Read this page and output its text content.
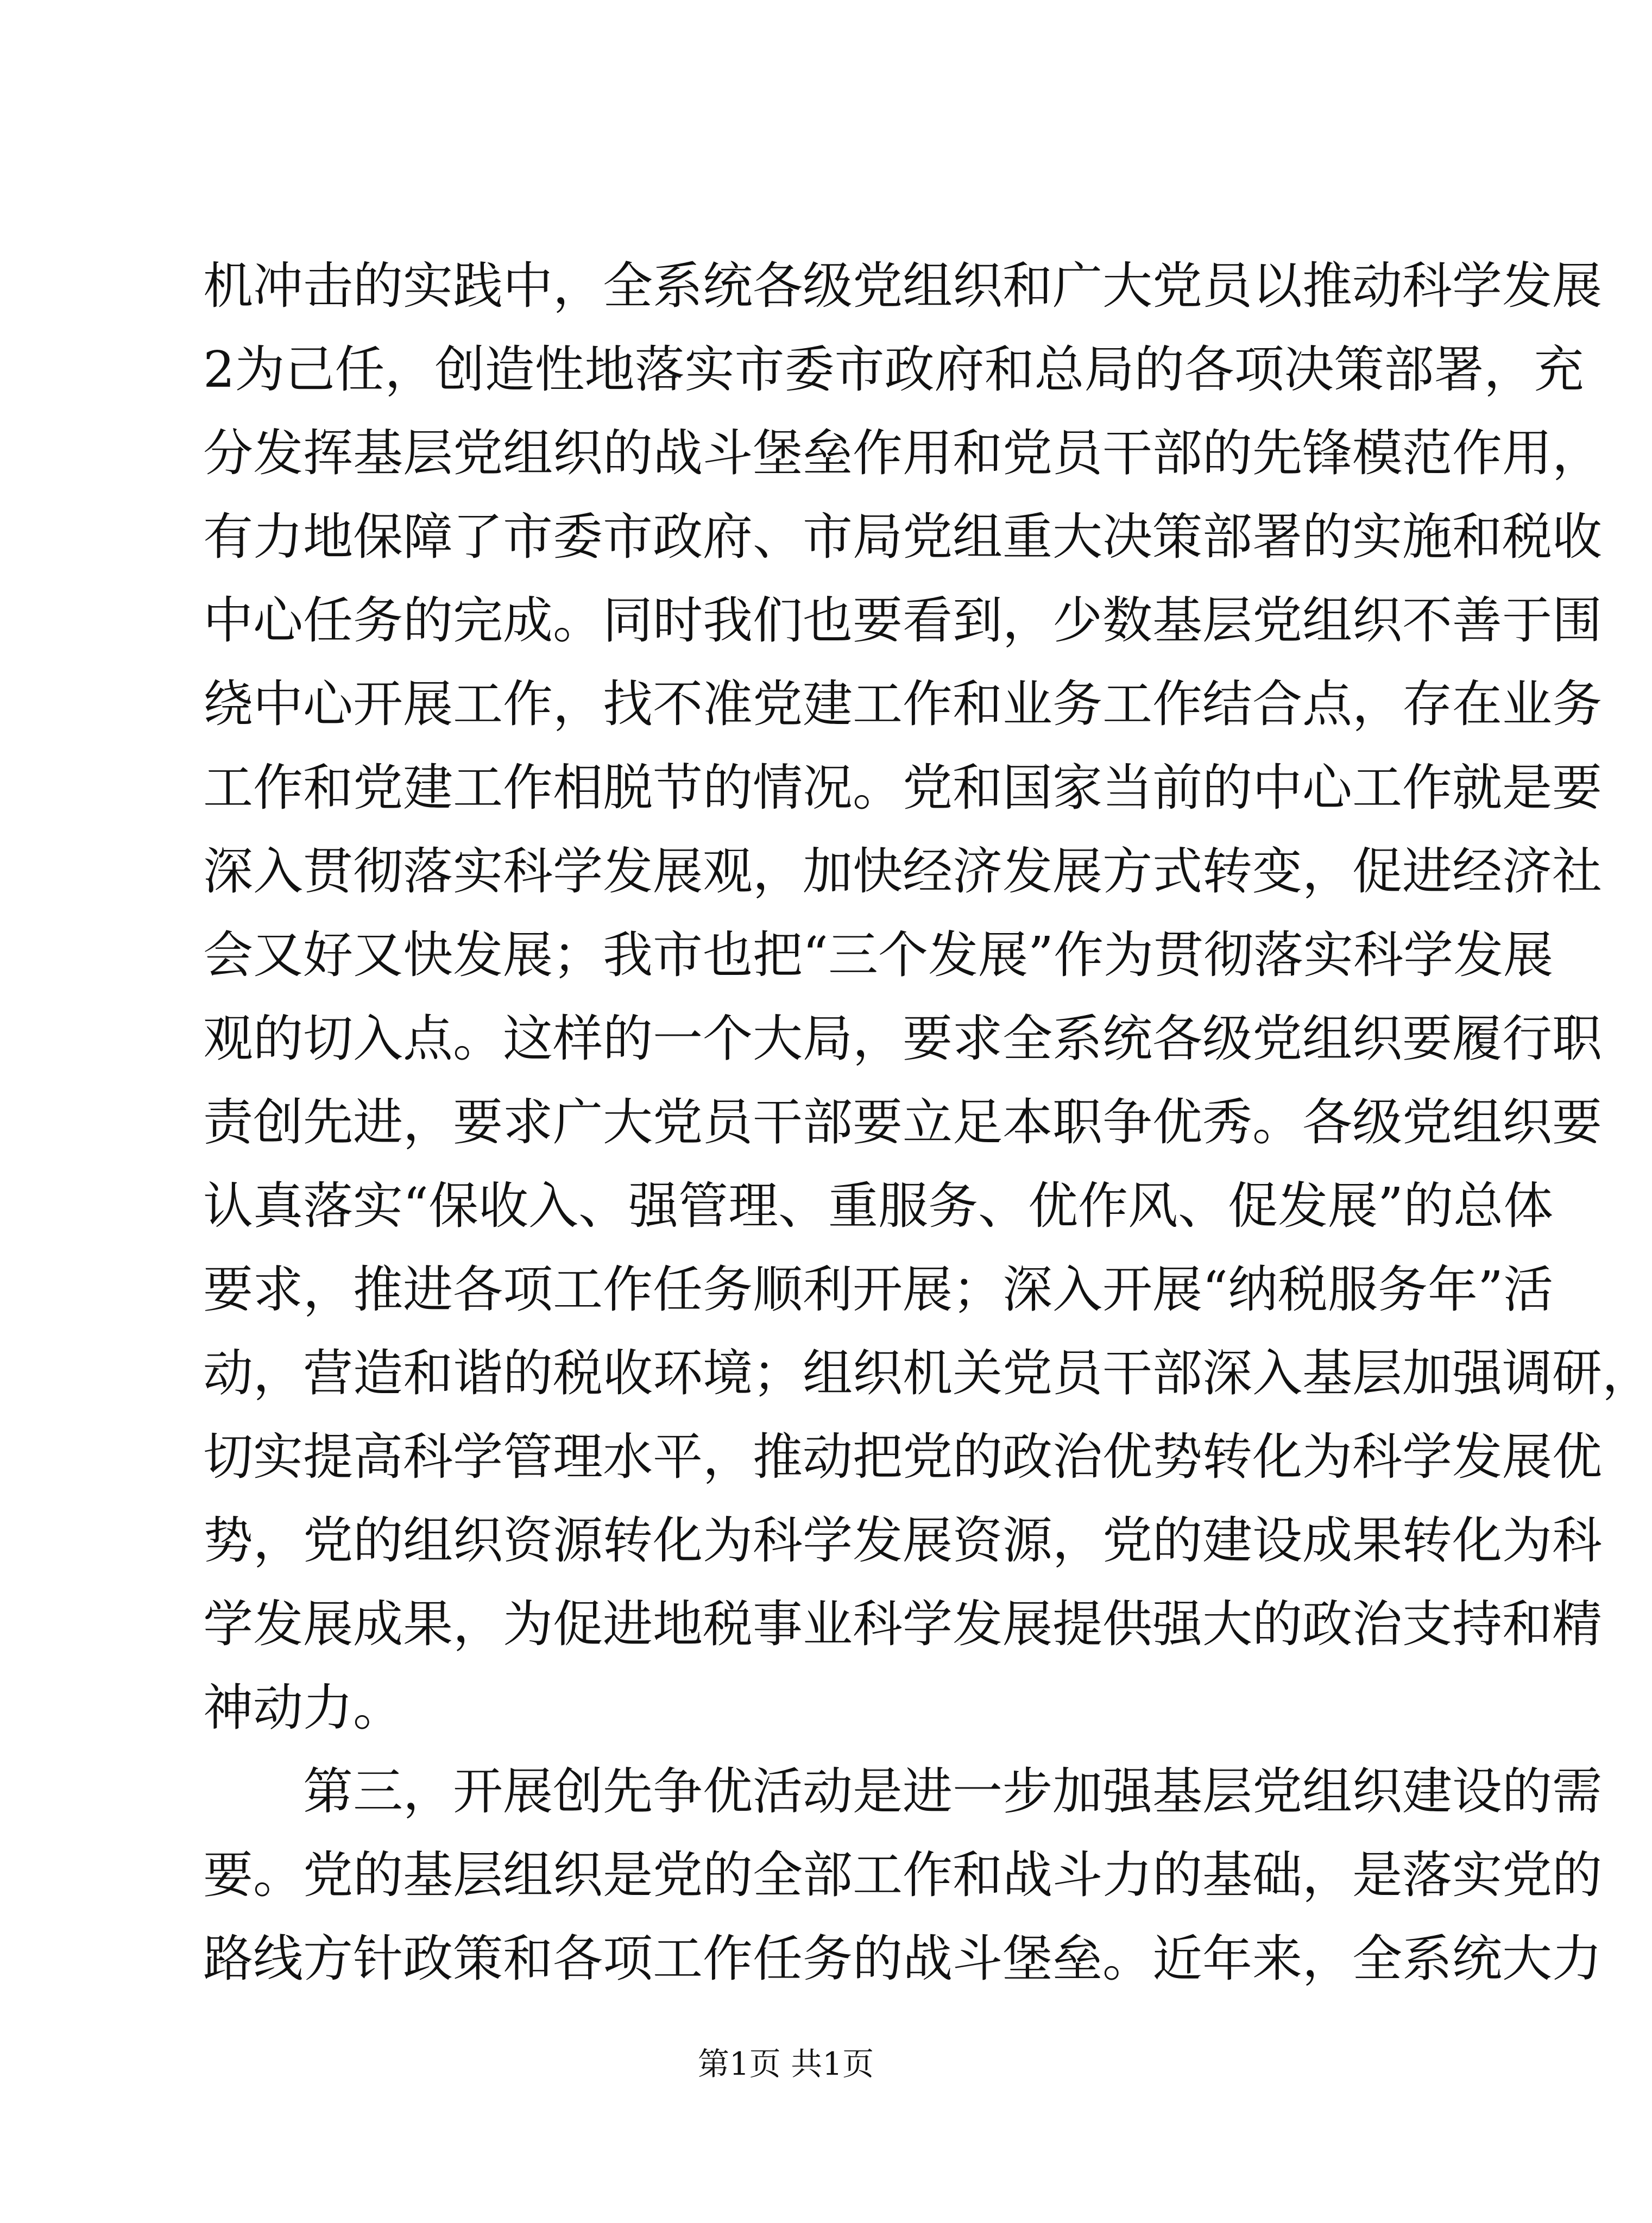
机冲击的实践中，全系统各级党组织和广大党员以推动科学发展
2为己任，创造性地落实市委市政府和总局的各项决策部署，充
分发挥基层党组织的战斗堡垒作用和党员干部的先锋模范作用，
有力地保障了市委市政府、市局党组重大决策部署的实施和税收
中心任务的完成。同时我们也要看到，少数基层党组织不善于围
绕中心开展工作，找不准党建工作和业务工作结合点，存在业务
工作和党建工作相脱节的情况。党和国家当前的中心工作就是要
深入贯彻落实科学发展观，加快经济发展方式转变，促进经济社
会又好又快发展；我市也把“三个发展”作为贯彻落实科学发展
观的切入点。这样的一个大局，要求全系统各级党组织要履行职
责创先进，要求广大党员干部要立足本职争优秀。各级党组织要
认真落实“保收入、强管理、重服务、优作风、促发展”的总体
要求，推进各项工作任务顺利开展；深入开展“纳税服务年”活
动，营造和谐的税收环境；组织机关党员干部深入基层加强调研，
切实提高科学管理水平，推动把党的政治优势转化为科学发展优
势，党的组织资源转化为科学发展资源，党的建设成果转化为科
学发展成果，为促进地税事业科学发展提供强大的政治支持和精
神动力。
第三，开展创先争优活动是进一步加强基层党组织建设的需
要。党的基层组织是党的全部工作和战斗力的基础，是落实党的
路线方针政策和各项工作任务的战斗堡垒。近年来，全系统大力
第1页 共1页
